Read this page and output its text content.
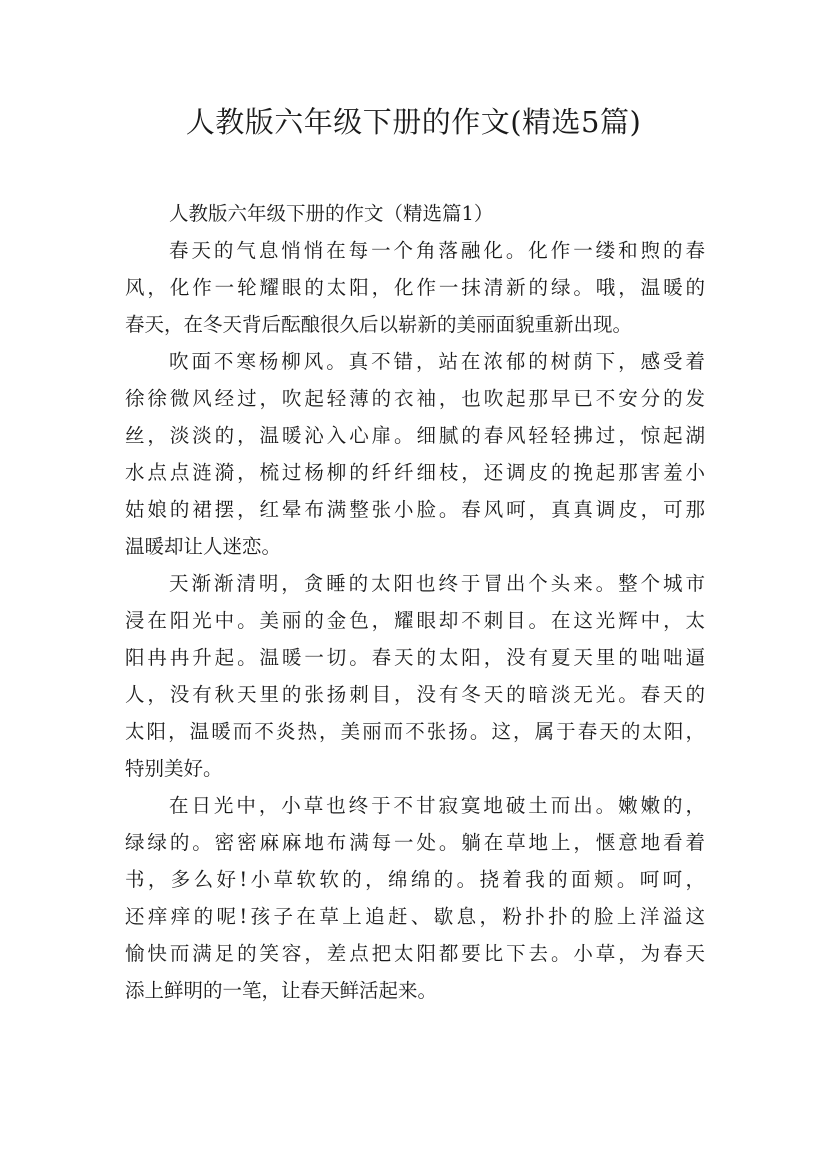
人教版六年级下册的作文(精选5篇)
人教版六年级下册的作文（精选篇1）
春天的气息悄悄在每一个角落融化。化作一缕和煦的春
风，化作一轮耀眼的太阳，化作一抹清新的绿。哦，温暖的
春天，在冬天背后酝酿很久后以崭新的美丽面貌重新出现。
吹面不寒杨柳风。真不错，站在浓郁的树荫下，感受着
徐徐微风经过，吹起轻薄的衣袖，也吹起那早已不安分的发
丝，淡淡的，温暖沁入心扉。细腻的春风轻轻拂过，惊起湖
水点点涟漪，梳过杨柳的纤纤细枝，还调皮的挽起那害羞小
姑娘的裙摆，红晕布满整张小脸。春风呵，真真调皮，可那
温暖却让人迷恋。
天渐渐清明，贪睡的太阳也终于冒出个头来。整个城市
浸在阳光中。美丽的金色，耀眼却不刺目。在这光辉中，太
阳冉冉升起。温暖一切。春天的太阳，没有夏天里的咄咄逼
人，没有秋天里的张扬刺目，没有冬天的暗淡无光。春天的
太阳，温暖而不炎热，美丽而不张扬。这，属于春天的太阳，
特别美好。
在日光中，小草也终于不甘寂寞地破土而出。嫩嫩的，
绿绿的。密密麻麻地布满每一处。躺在草地上，惬意地看着
书，多么好!小草软软的，绵绵的。挠着我的面颊。呵呵，
还痒痒的呢!孩子在草上追赶、歇息，粉扑扑的脸上洋溢这
愉快而满足的笑容，差点把太阳都要比下去。小草，为春天
添上鲜明的一笔，让春天鲜活起来。
